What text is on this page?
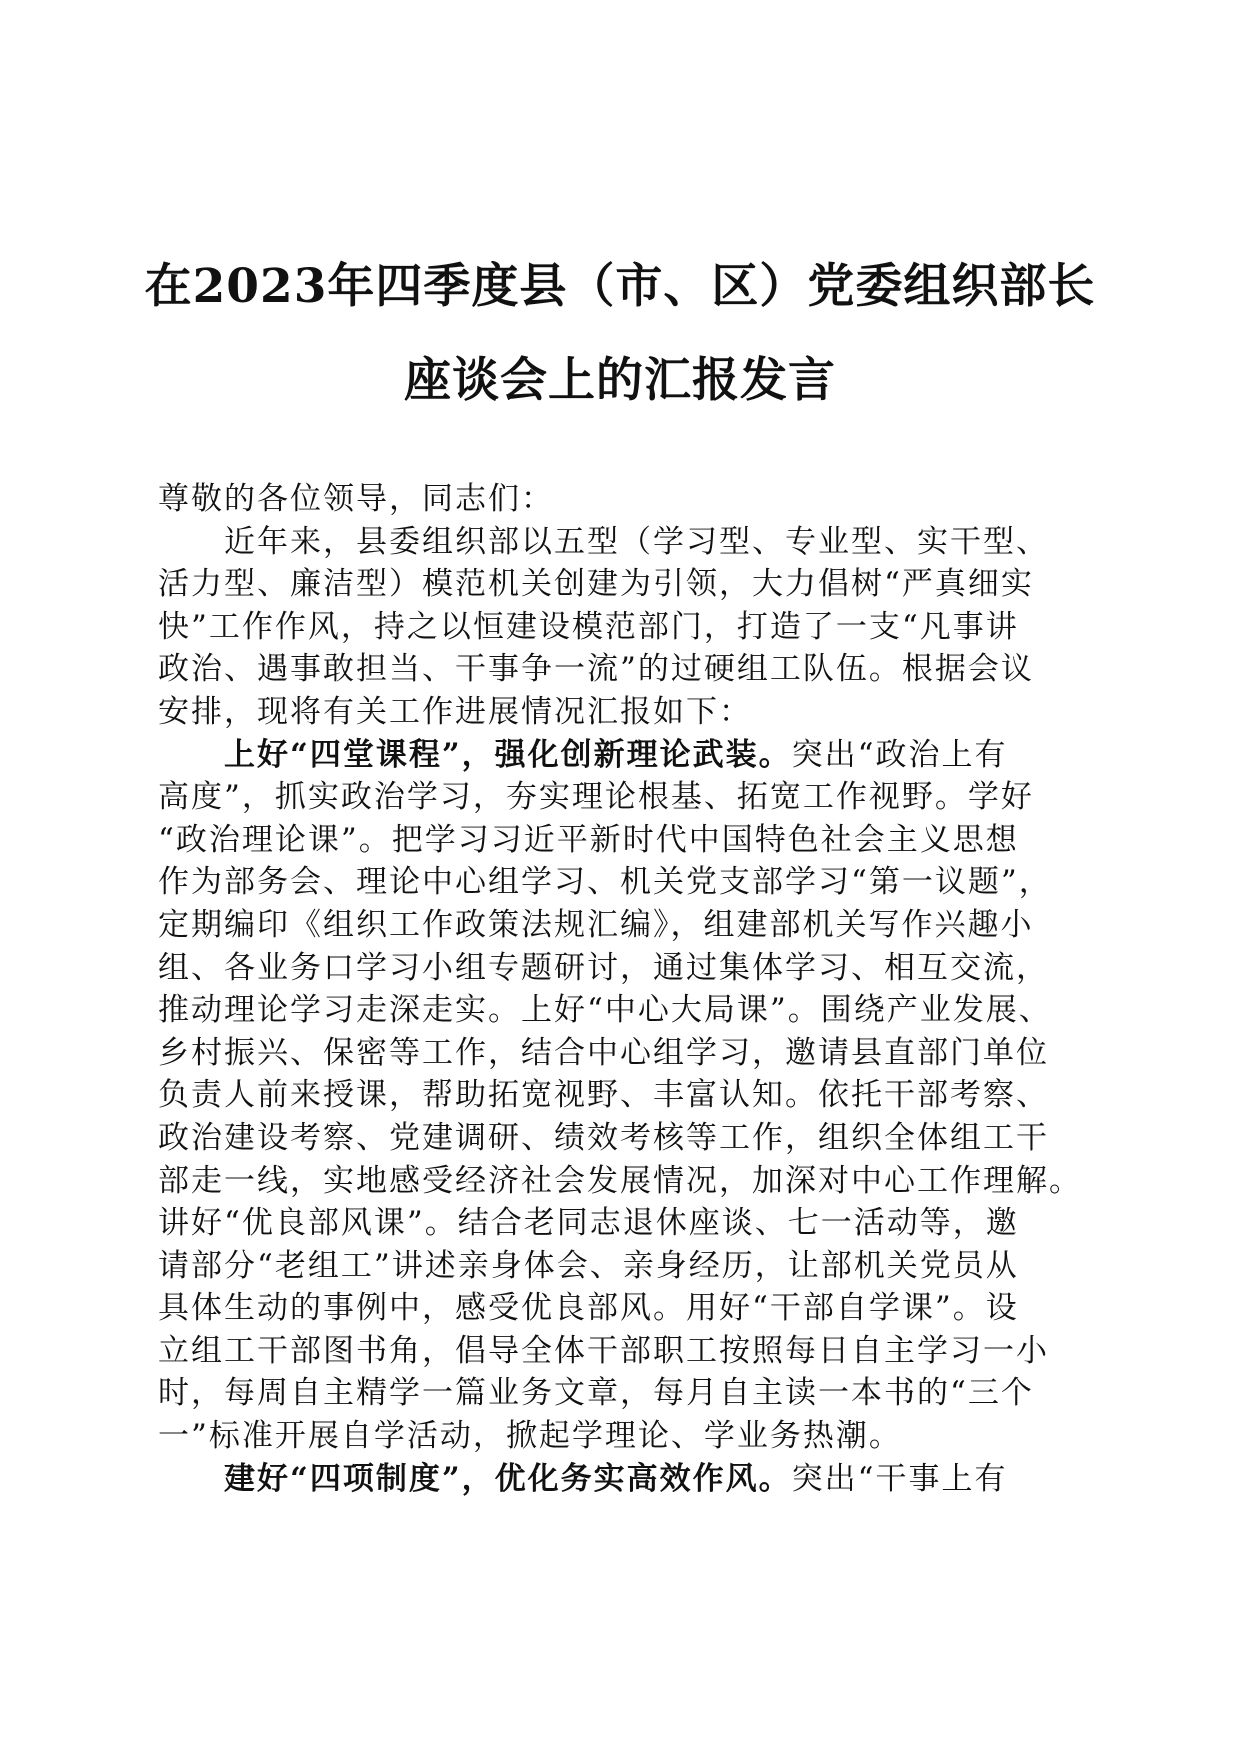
在2023年四季度县（市、区）党委组织部长
座谈会上的汇报发言
尊敬的各位领导，同志们：
近年来，县委组织部以五型（学习型、专业型、实干型、
活力型、廉洁型）模范机关创建为引领，大力倡树“严真细实
快”工作作风，持之以恒建设模范部门，打造了一支“凡事讲
政治、遇事敢担当、干事争一流”的过硬组工队伍。根据会议
安排，现将有关工作进展情况汇报如下：
上好“四堂课程”，强化创新理论武装。突出“政治上有
高度”，抓实政治学习，夯实理论根基、拓宽工作视野。学好
“政治理论课”。把学习习近平新时代中国特色社会主义思想
作为部务会、理论中心组学习、机关党支部学习“第一议题”，
定期编印《组织工作政策法规汇编》，组建部机关写作兴趣小
组、各业务口学习小组专题研讨，通过集体学习、相互交流，
推动理论学习走深走实。上好“中心大局课”。围绕产业发展、
乡村振兴、保密等工作，结合中心组学习，邀请县直部门单位
负责人前来授课，帮助拓宽视野、丰富认知。依托干部考察、
政治建设考察、党建调研、绩效考核等工作，组织全体组工干
部走一线，实地感受经济社会发展情况，加深对中心工作理解。
讲好“优良部风课”。结合老同志退休座谈、七一活动等，邀
请部分“老组工”讲述亲身体会、亲身经历，让部机关党员从
具体生动的事例中，感受优良部风。用好“干部自学课”。设
立组工干部图书角，倡导全体干部职工按照每日自主学习一小
时，每周自主精学一篇业务文章，每月自主读一本书的“三个
一”标准开展自学活动，掀起学理论、学业务热潮。
建好“四项制度”，优化务实高效作风。突出“干事上有
